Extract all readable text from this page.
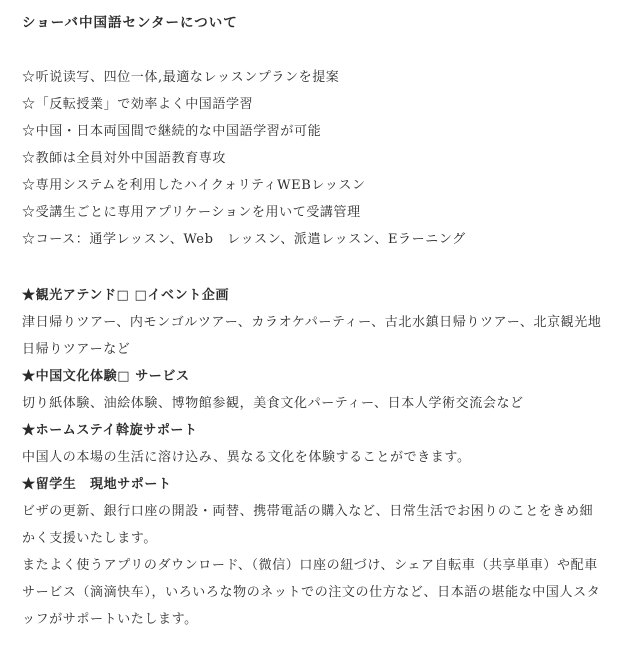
ショーバ中国語センターについて
☆听说读写、四位一体,最適なレッスンプランを提案
☆「反転授業」で効率よく中国語学習
☆中国・日本両国間で継続的な中国語学習が可能
☆教師は全員対外中国語教育専攻
☆専用システムを利用したハイクォリティWEBレッスン
☆受講生ごとに専用アプリケーションを用いて受講管理
☆コース：通学レッスン、Web　レッスン、派遣レッスン、Eラーニング
★観光アテンド□ □イベント企画

津日帰りツアー、内モンゴルツアー、カラオケパーティー、古北水鎮日帰りツアー、北京観光地日帰りツアーなど

★中国文化体験□ サービス

切り紙体験、油絵体験、博物館参観，美食文化パーティー、日本人学術交流会など

★ホームステイ斡旋サポート

中国人の本場の生活に溶け込み、異なる文化を体験することができます。

★留学生　現地サポート

ビザの更新、銀行口座の開設・両替、携帯電話の購入など、日常生活でお困りのことをきめ細かく支援いたします。

またよく使うアプリのダウンロード、（微信）口座の紐づけ、シェア自転車（共享単車）や配車サービス（滴滴快车），いろいろな物のネットでの注文の仕方など、日本語の堪能な中国人スタッフがサポートいたします。
